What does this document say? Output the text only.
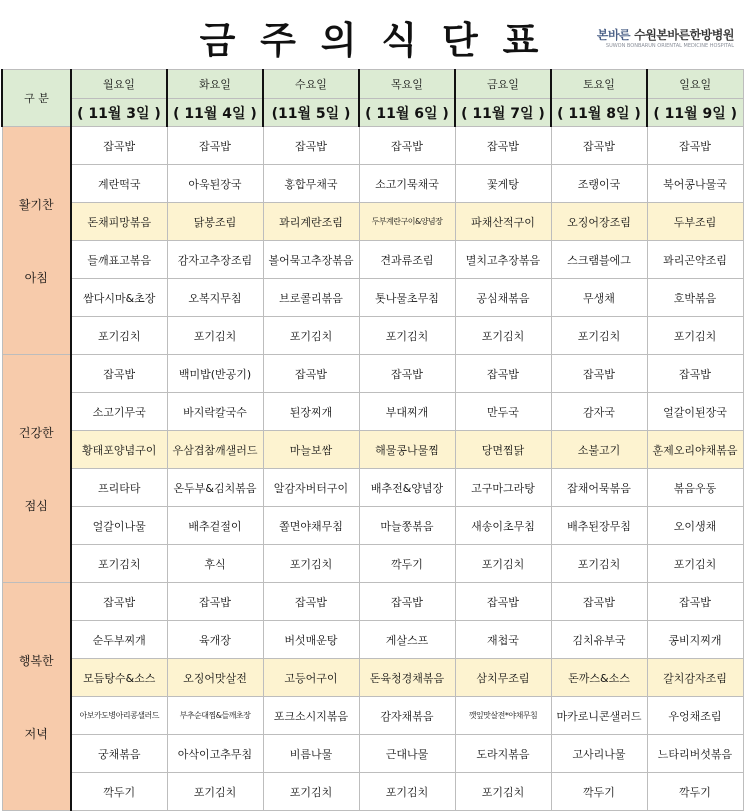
금 주 의 식 단 표	본바른 수원본바른한방병원
SUWON BONBARUN ORIENTAL MEDICINE HOSPITAL
구 분	월요일	화요일	수요일	목요일	금요일	토요일	일요일
	( 11월 3일 )	( 11월 4일 )	(11월 5일 )	( 11월 6일 )	( 11월 7일 )	( 11월 8일 )	( 11월 9일 )

활기찬
아침	잡곡밥	잡곡밥	잡곡밥	잡곡밥	잡곡밥	잡곡밥	잡곡밥
	계란떡국	아욱된장국	홍합무채국	소고기묵채국	꽃게탕	조랭이국	북어콩나물국
	돈채피망볶음	닭봉조림	꽈리계란조림	두부계란구이&양념장	파채산적구이	오징어장조림	두부조림
	들깨표고볶음	감자고추장조림	볼어묵고추장볶음	견과류조림	멸치고추장볶음	스크램블에그	꽈리곤약조림
	쌈다시마&초장	오복지무침	브로콜리볶음	톳나물초무침	공심채볶음	무생채	호박볶음
	포기김치	포기김치	포기김치	포기김치	포기김치	포기김치	포기김치

건강한
점심	잡곡밥	백미밥(반공기)	잡곡밥	잡곡밥	잡곡밥	잡곡밥	잡곡밥
	소고기무국	바지락칼국수	된장찌개	부대찌개	만두국	감자국	얼갈이된장국
	황태포양념구이	우삼겹참깨샐러드	마늘보쌈	해물콩나물찜	당면찜닭	소불고기	훈제오리야채볶음
	프리타타	온두부&김치볶음	알감자버터구이	배추전&양념장	고구마그라탕	잡채어묵볶음	볶음우동
	얼갈이나물	배추겉절이	쫄면야채무침	마늘쫑볶음	새송이초무침	배추된장무침	오이생채
	포기김치	후식	포기김치	깍두기	포기김치	포기김치	포기김치

행복한
저녁	잡곡밥	잡곡밥	잡곡밥	잡곡밥	잡곡밥	잡곡밥	잡곡밥
	순두부찌개	육개장	버섯매운탕	게살스프	재첩국	김치유부국	콩비지찌개
	모듬탕수&소스	오징어맛살전	고등어구이	돈육청경채볶음	삼치무조림	돈까스&소스	갈치감자조림
	아보카도병아리콩샐러드	부추순대찜&들깨초장	포크소시지볶음	감자채볶음	깻잎맛살전*야채무침	마카로니콘샐러드	우엉채조림
	궁채볶음	아삭이고추무침	비름나물	근대나물	도라지볶음	고사리나물	느타리버섯볶음
	깍두기	포기김치	포기김치	포기김치	포기김치	깍두기	깍두기
